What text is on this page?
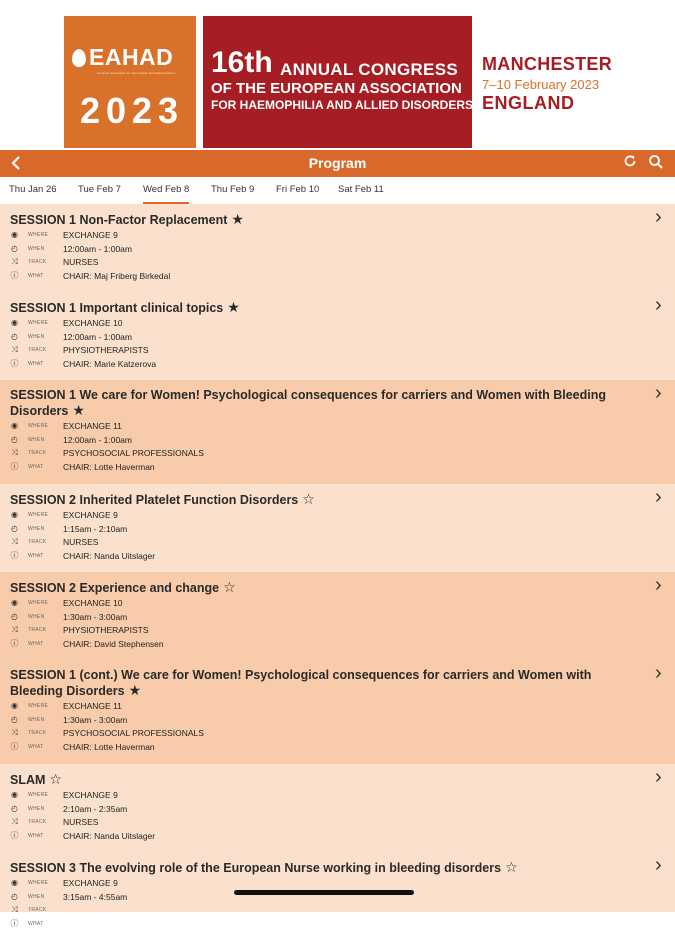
EAHAD
European Association for Haemophilia and Allied Disorders
2023
16th ANNUAL CONGRESS
OF THE EUROPEAN ASSOCIATION
FOR HAEMOPHILIA AND ALLIED DISORDERS
MANCHESTER
7–10 February 2023
ENGLAND
Program
Thu Jan 26 Tue Feb 7 Wed Feb 8 Thu Feb 9 Fri Feb 10 Sat Feb 11
SESSION 1 Non-Factor Replacement ★	›
◉ WHERE EXCHANGE 9
◴ WHEN 12:00am - 1:00am
⤨ TRACK NURSES
ⓘ WHAT CHAIR: Maj Friberg Birkedal
SESSION 1 Important clinical topics ★	›
◉ WHERE EXCHANGE 10
◴ WHEN 12:00am - 1:00am
⤨ TRACK PHYSIOTHERAPISTS
ⓘ WHAT CHAIR: Marie Katzerova
SESSION 1 We care for Women! Psychological consequences for carriers and Women with Bleeding Disorders ★
›
◉ WHERE EXCHANGE 11
◴ WHEN 12:00am - 1:00am
⤨ TRACK PSYCHOSOCIAL PROFESSIONALS
ⓘ WHAT CHAIR: Lotte Haverman
SESSION 2 Inherited Platelet Function Disorders ☆	›
◉ WHERE EXCHANGE 9
◴ WHEN 1:15am - 2:10am
⤨ TRACK NURSES
ⓘ WHAT CHAIR: Nanda Uitslager
SESSION 2 Experience and change ☆	›
◉ WHERE EXCHANGE 10
◴ WHEN 1:30am - 3:00am
⤨ TRACK PHYSIOTHERAPISTS
ⓘ WHAT CHAIR: David Stephensen
SESSION 1 (cont.) We care for Women! Psychological consequences for carriers and Women with Bleeding Disorders ★
›
◉ WHERE EXCHANGE 11
◴ WHEN 1:30am - 3:00am
⤨ TRACK PSYCHOSOCIAL PROFESSIONALS
ⓘ WHAT CHAIR: Lotte Haverman
SLAM ☆	›
◉ WHERE EXCHANGE 9
◴ WHEN 2:10am - 2:35am
⤨ TRACK NURSES
ⓘ WHAT CHAIR: Nanda Uitslager
SESSION 3 The evolving role of the European Nurse working in bleeding disorders ☆	›
◉ WHERE EXCHANGE 9
◴ WHEN 3:15am - 4:55am
⤨ TRACK
ⓘ WHAT
